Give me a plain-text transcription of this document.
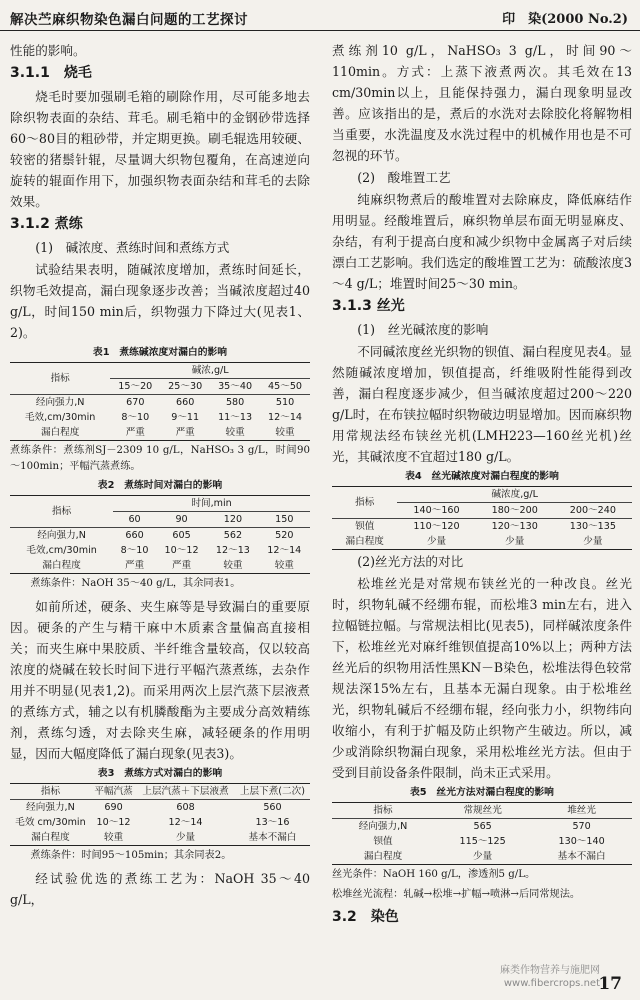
解决苎麻织物染色漏白问题的工艺探讨	印　染(2000 No.2)

性能的影响。

3.1.1　烧毛

烧毛时要加强刷毛箱的刷除作用，尽可能多地去除织物表面的杂结、茸毛。刷毛箱中的金钢砂带选择60～80目的粗砂带，并定期更换。刷毛辊选用较硬、较密的猪鬃针辊，尽量调大织物包覆角，在高速逆向旋转的辊面作用下，加强织物表面杂结和茸毛的去除效果。

3.1.2 煮练

(1)　碱浓度、煮练时间和煮练方式

试验结果表明，随碱浓度增加，煮练时间延长，织物毛效提高，漏白现象逐步改善；当碱浓度超过40 g/L，时间150 min后，织物强力下降过大(见表1、2)。

表1　煮练碱浓度对漏白的影响
指标	碱浓,g/L			
	15～20	25～30	35～40	45～50
经向强力,N	670	660	580	510
毛效,cm/30min	8～10	9～11	11～13	12～14
漏白程度	严重	严重	较重	较重

煮练条件：煮练剂SJ－2309 10 g/L，NaHSO₃ 3 g/L，时间90～100min；平幅汽蒸煮练。

表2　煮练时间对漏白的影响
指标	时间,min			
	60	90	120	150
经向强力,N	660	605	562	520
毛效,cm/30min	8～10	10～12	12～13	12～14
漏白程度	严重	严重	较重	较重

煮练条件：NaOH 35～40 g/L，其余同表1。

如前所述，硬条、夹生麻等是导致漏白的重要原因。硬条的产生与精干麻中木质素含量偏高直接相关；而夹生麻中果胶质、半纤维含量较高，仅以较高浓度的烧碱在较长时间下进行平幅汽蒸煮练，去杂作用并不明显(见表1,2)。而采用两次上层汽蒸下层液煮的煮练方式，辅之以有机膦酸酯为主要成分高效精练剂，煮练匀透，对去除夹生麻，减轻硬条的作用明显，因而大幅度降低了漏白现象(见表3)。

表3　煮练方式对漏白的影响
指标	平幅汽蒸	上层汽蒸＋下层液煮	上层下煮(二次)
经向强力,N	690	608	560
毛效 cm/30min	10～12	12～14	13～16
漏白程度	较重	少量	基本不漏白

煮练条件：时间95～105min；其余同表2。

经试验优选的煮练工艺为：NaOH 35～40 g/L，

煮练剂10 g/L，NaHSO₃ 3 g/L，时间90～110min。方式：上蒸下液煮两次。其毛效在13 cm/30min以上，且能保持强力，漏白现象明显改善。应该指出的是，煮后的水洗对去除胶化将解物相当重要，水洗温度及水洗过程中的机械作用也是不可忽视的环节。

(2)　酸堆置工艺

纯麻织物煮后的酸堆置对去除麻皮，降低麻结作用明显。经酸堆置后，麻织物单层布面无明显麻皮、杂结，有利于提高白度和减少织物中金属离子对后续漂白工艺影响。我们选定的酸堆置工艺为：硫酸浓度3～4 g/L；堆置时间25～30 min。

3.1.3 丝光

(1)　丝光碱浓度的影响

不同碱浓度丝光织物的钡值、漏白程度见表4。显然随碱浓度增加，钡值提高，纤维吸附性能得到改善，漏白程度逐步减少，但当碱浓度超过200～220 g/L时，在布铗拉幅时织物破边明显增加。因而麻织物用常规法经布铗丝光机(LMH223—160丝光机)丝光，其碱浓度不宜超过180 g/L。

表4　丝光碱浓度对漏白程度的影响
指标	碱浓度,g/L		
	140～160	180～200	200～240
钡值	110～120	120～130	130～135
漏白程度	少量	少量	少量

(2)丝光方法的对比

松堆丝光是对常规布铗丝光的一种改良。丝光时，织物轧碱不经绷布辊，而松堆3 min左右，进入拉幅链拉幅。与常规法相比(见表5)，同样碱浓度条件下，松堆丝光对麻纤维钡值提高10%以上；两种方法丝光后的织物用活性黑KN－B染色，松堆法得色较常规法深15%左右，且基本无漏白现象。由于松堆丝光，织物轧碱后不经绷布辊，经向张力小，织物纬向收缩小，有利于扩幅及防止织物产生破边。所以，减少或消除织物漏白现象，采用松堆丝光方法。但由于受到目前设备条件限制，尚未正式采用。

表5　丝光方法对漏白程度的影响
指标	常规丝光	堆丝光
经向强力,N	565	570
钡值	115～125	130～140
漏白程度	少量	基本不漏白

丝光条件：NaOH 160 g/L，渗透剂5 g/L。

松堆丝光流程：轧碱→松堆→扩幅→喷淋→后同常规法。

3.2　染色

麻类作物营养与施肥网
www.fibercrops.net
17
